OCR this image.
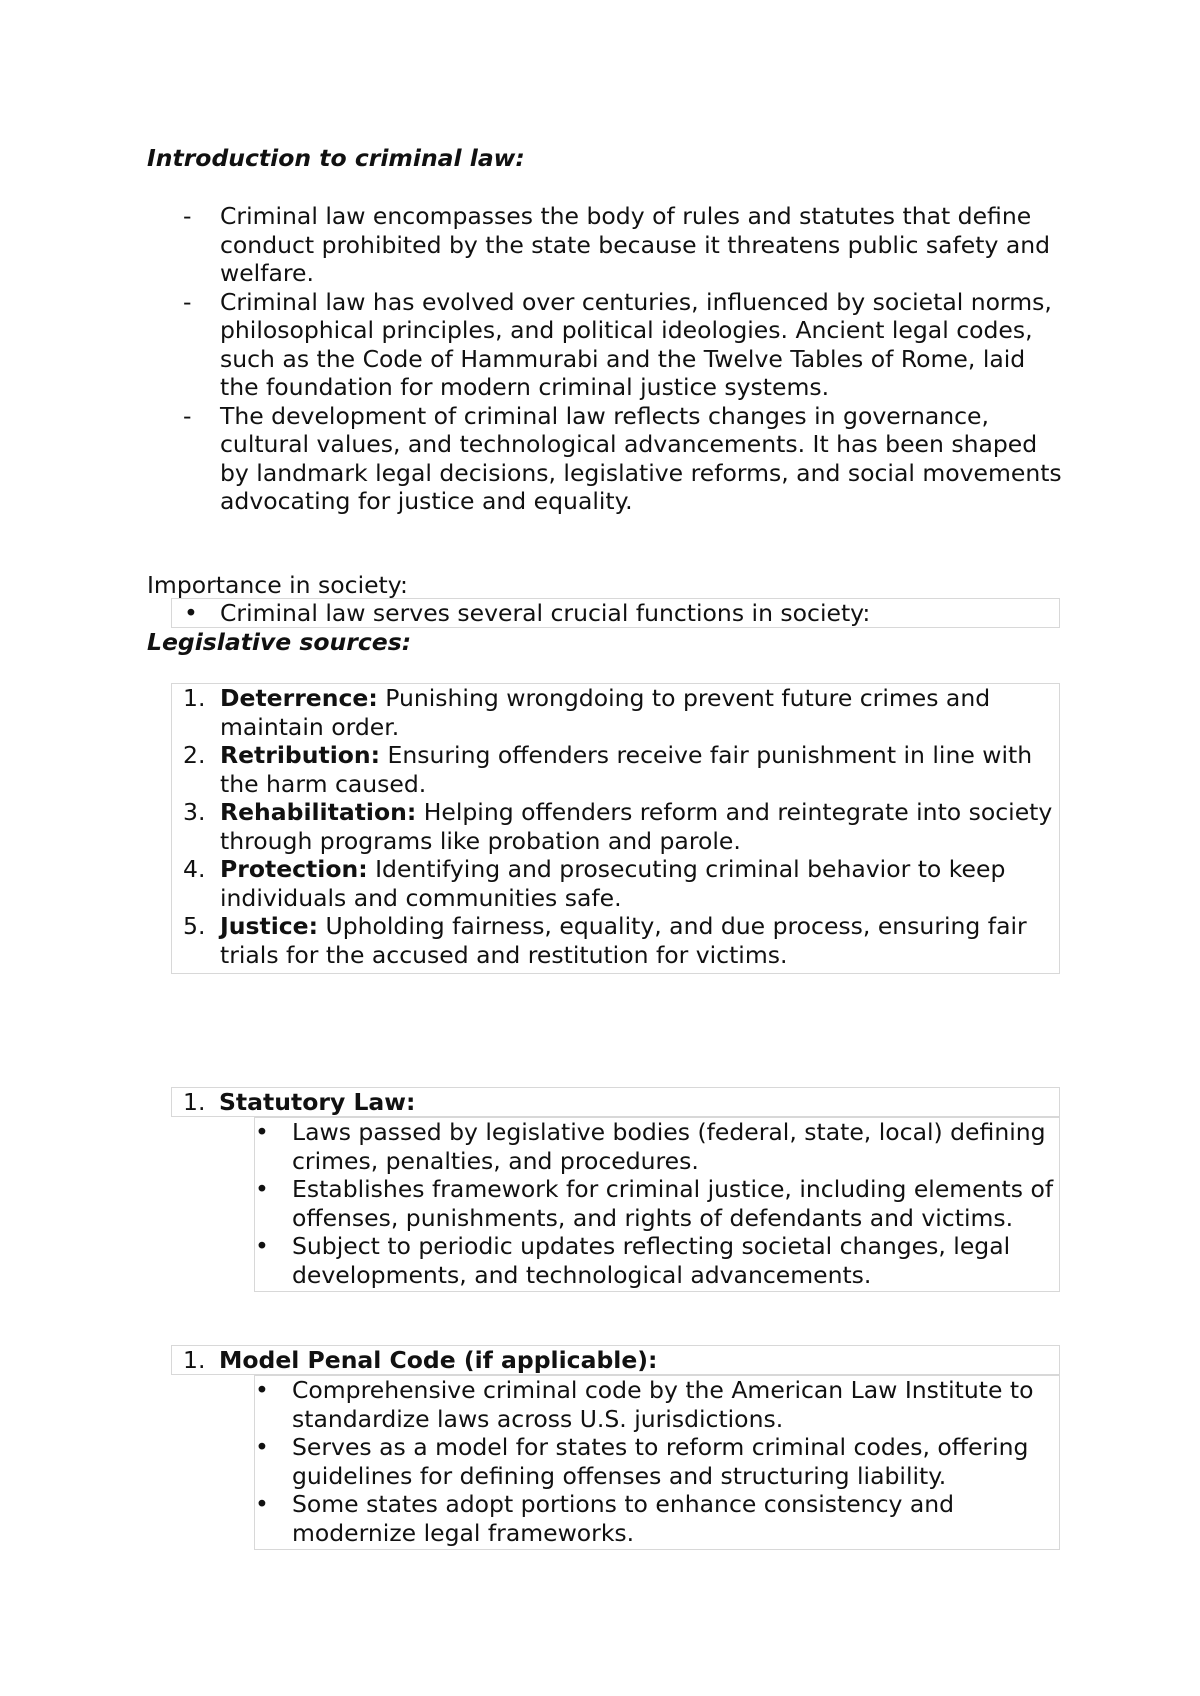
Introduction to criminal law:
- Criminal law encompasses the body of rules and statutes that define conduct prohibited by the state because it threatens public safety and welfare.
- Criminal law has evolved over centuries, influenced by societal norms, philosophical principles, and political ideologies. Ancient legal codes, such as the Code of Hammurabi and the Twelve Tables of Rome, laid the foundation for modern criminal justice systems.
- The development of criminal law reflects changes in governance, cultural values, and technological advancements. It has been shaped by landmark legal decisions, legislative reforms, and social movements advocating for justice and equality.
Importance in society:
• Criminal law serves several crucial functions in society:
Legislative sources:
1. Deterrence: Punishing wrongdoing to prevent future crimes and maintain order.
2. Retribution: Ensuring offenders receive fair punishment in line with the harm caused.
3. Rehabilitation: Helping offenders reform and reintegrate into society through programs like probation and parole.
4. Protection: Identifying and prosecuting criminal behavior to keep individuals and communities safe.
5. Justice: Upholding fairness, equality, and due process, ensuring fair trials for the accused and restitution for victims.
1. Statutory Law:
• Laws passed by legislative bodies (federal, state, local) defining crimes, penalties, and procedures.
• Establishes framework for criminal justice, including elements of offenses, punishments, and rights of defendants and victims.
• Subject to periodic updates reflecting societal changes, legal developments, and technological advancements.
1. Model Penal Code (if applicable):
• Comprehensive criminal code by the American Law Institute to standardize laws across U.S. jurisdictions.
• Serves as a model for states to reform criminal codes, offering guidelines for defining offenses and structuring liability.
• Some states adopt portions to enhance consistency and modernize legal frameworks.
